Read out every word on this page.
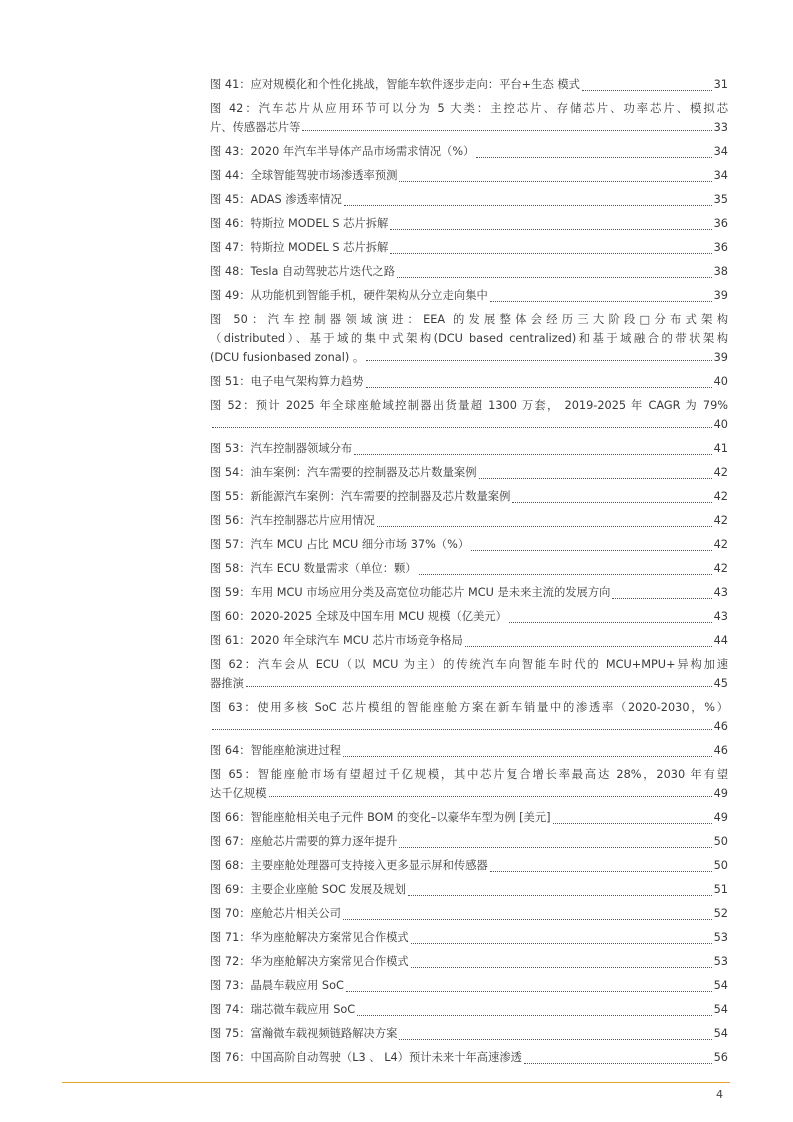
图 41：应对规模化和个性化挑战，智能车软件逐步走向：平台+生态 模式	31
图 42：汽车芯片从应用环节可以分为 5 大类：主控芯片、存储芯片、功率芯片、模拟芯
片、传感器芯片等	33
图 43：2020 年汽车半导体产品市场需求情况（%）	34
图 44：全球智能驾驶市场渗透率预测	34
图 45：ADAS 渗透率情况	35
图 46：特斯拉 MODEL S 芯片拆解	36
图 47：特斯拉 MODEL S 芯片拆解	36
图 48：Tesla 自动驾驶芯片迭代之路	38
图 49：从功能机到智能手机，硬件架构从分立走向集中	39
图 50：汽车控制器领域演进：EEA 的发展整体会经历三大阶段□分布式架构
（distributed）、基于域的集中式架构(DCU based centralized)和基于域融合的带状架构
(DCU fusionbased zonal) 。	39
图 51：电子电气架构算力趋势	40
图 52：预计 2025 年全球座舱域控制器出货量超 1300 万套， 2019-2025 年 CAGR 为 79%
40
图 53：汽车控制器领域分布	41
图 54：油车案例：汽车需要的控制器及芯片数量案例	42
图 55：新能源汽车案例：汽车需要的控制器及芯片数量案例	42
图 56：汽车控制器芯片应用情况	42
图 57：汽车 MCU 占比 MCU 细分市场 37%（%）	42
图 58：汽车 ECU 数量需求（单位：颗）	42
图 59：车用 MCU 市场应用分类及高宽位功能芯片 MCU 是未来主流的发展方向	43
图 60：2020-2025 全球及中国车用 MCU 规模（亿美元）	43
图 61：2020 年全球汽车 MCU 芯片市场竞争格局	44
图 62：汽车会从 ECU（以 MCU 为主）的传统汽车向智能车时代的 MCU+MPU+异构加速
器推演	45
图 63：使用多核 SoC 芯片模组的智能座舱方案在新车销量中的渗透率（2020-2030，%）
46
图 64：智能座舱演进过程	46
图 65：智能座舱市场有望超过千亿规模，其中芯片复合增长率最高达 28%，2030 年有望
达千亿规模	49
图 66：智能座舱相关电子元件 BOM 的变化–以豪华车型为例 [美元]	49
图 67：座舱芯片需要的算力逐年提升	50
图 68：主要座舱处理器可支持接入更多显示屏和传感器	50
图 69：主要企业座舱 SOC 发展及规划	51
图 70：座舱芯片相关公司	52
图 71：华为座舱解决方案常见合作模式	53
图 72：华为座舱解决方案常见合作模式	53
图 73：晶晨车载应用 SoC	54
图 74：瑞芯微车载应用 SoC	54
图 75：富瀚微车载视频链路解决方案	54
图 76：中国高阶自动驾驶（L3 、 L4）预计未来十年高速渗透	56
4
